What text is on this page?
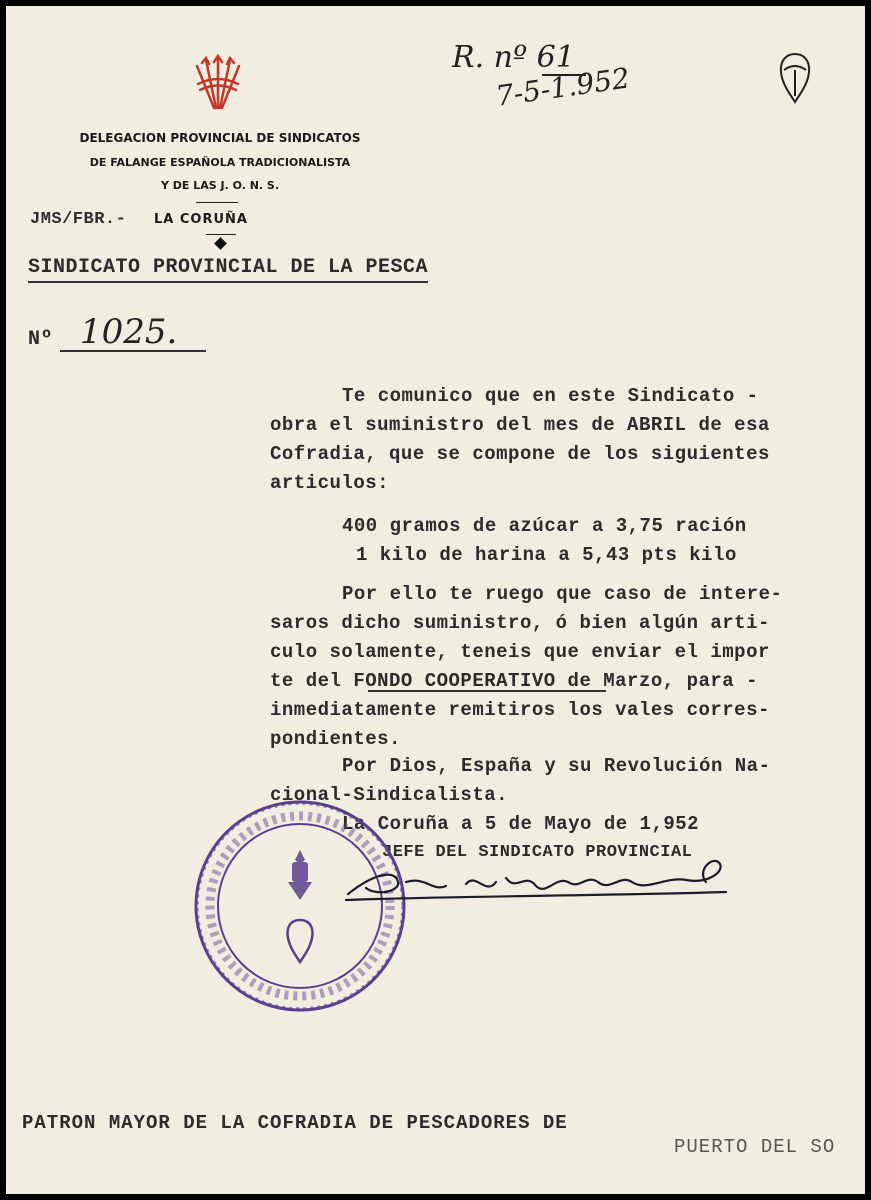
DELEGACION PROVINCIAL DE SINDICATOS
DE FALANGE ESPAÑOLA TRADICIONALISTA
Y DE LAS J. O. N. S.
JMS/FBR.- LA CORUÑA
R. nº 61
7-5-1.952
SINDICATO PROVINCIAL DE LA PESCA
Nº 1025.
Te comunico que en este Sindicato -
obra el suministro del mes de ABRIL de esa
Cofradia, que se compone de los siguientes
articulos:
400 gramos de azúcar a 3,75 ración
1 kilo de harina a 5,43 pts kilo
Por ello te ruego que caso de intere-
saros dicho suministro, ó bien algún arti-
culo solamente, teneis que enviar el impor
te del FONDO COOPERATIVO de Marzo, para -
inmediatamente remitiros los vales corres-
pondientes.
Por Dios, España y su Revolución Na-
cional-Sindicalista.
La Coruña a 5 de Mayo de 1,952
JEFE DEL SINDICATO PROVINCIAL
PATRON MAYOR DE LA COFRADIA DE PESCADORES DE
PUERTO DEL SO
